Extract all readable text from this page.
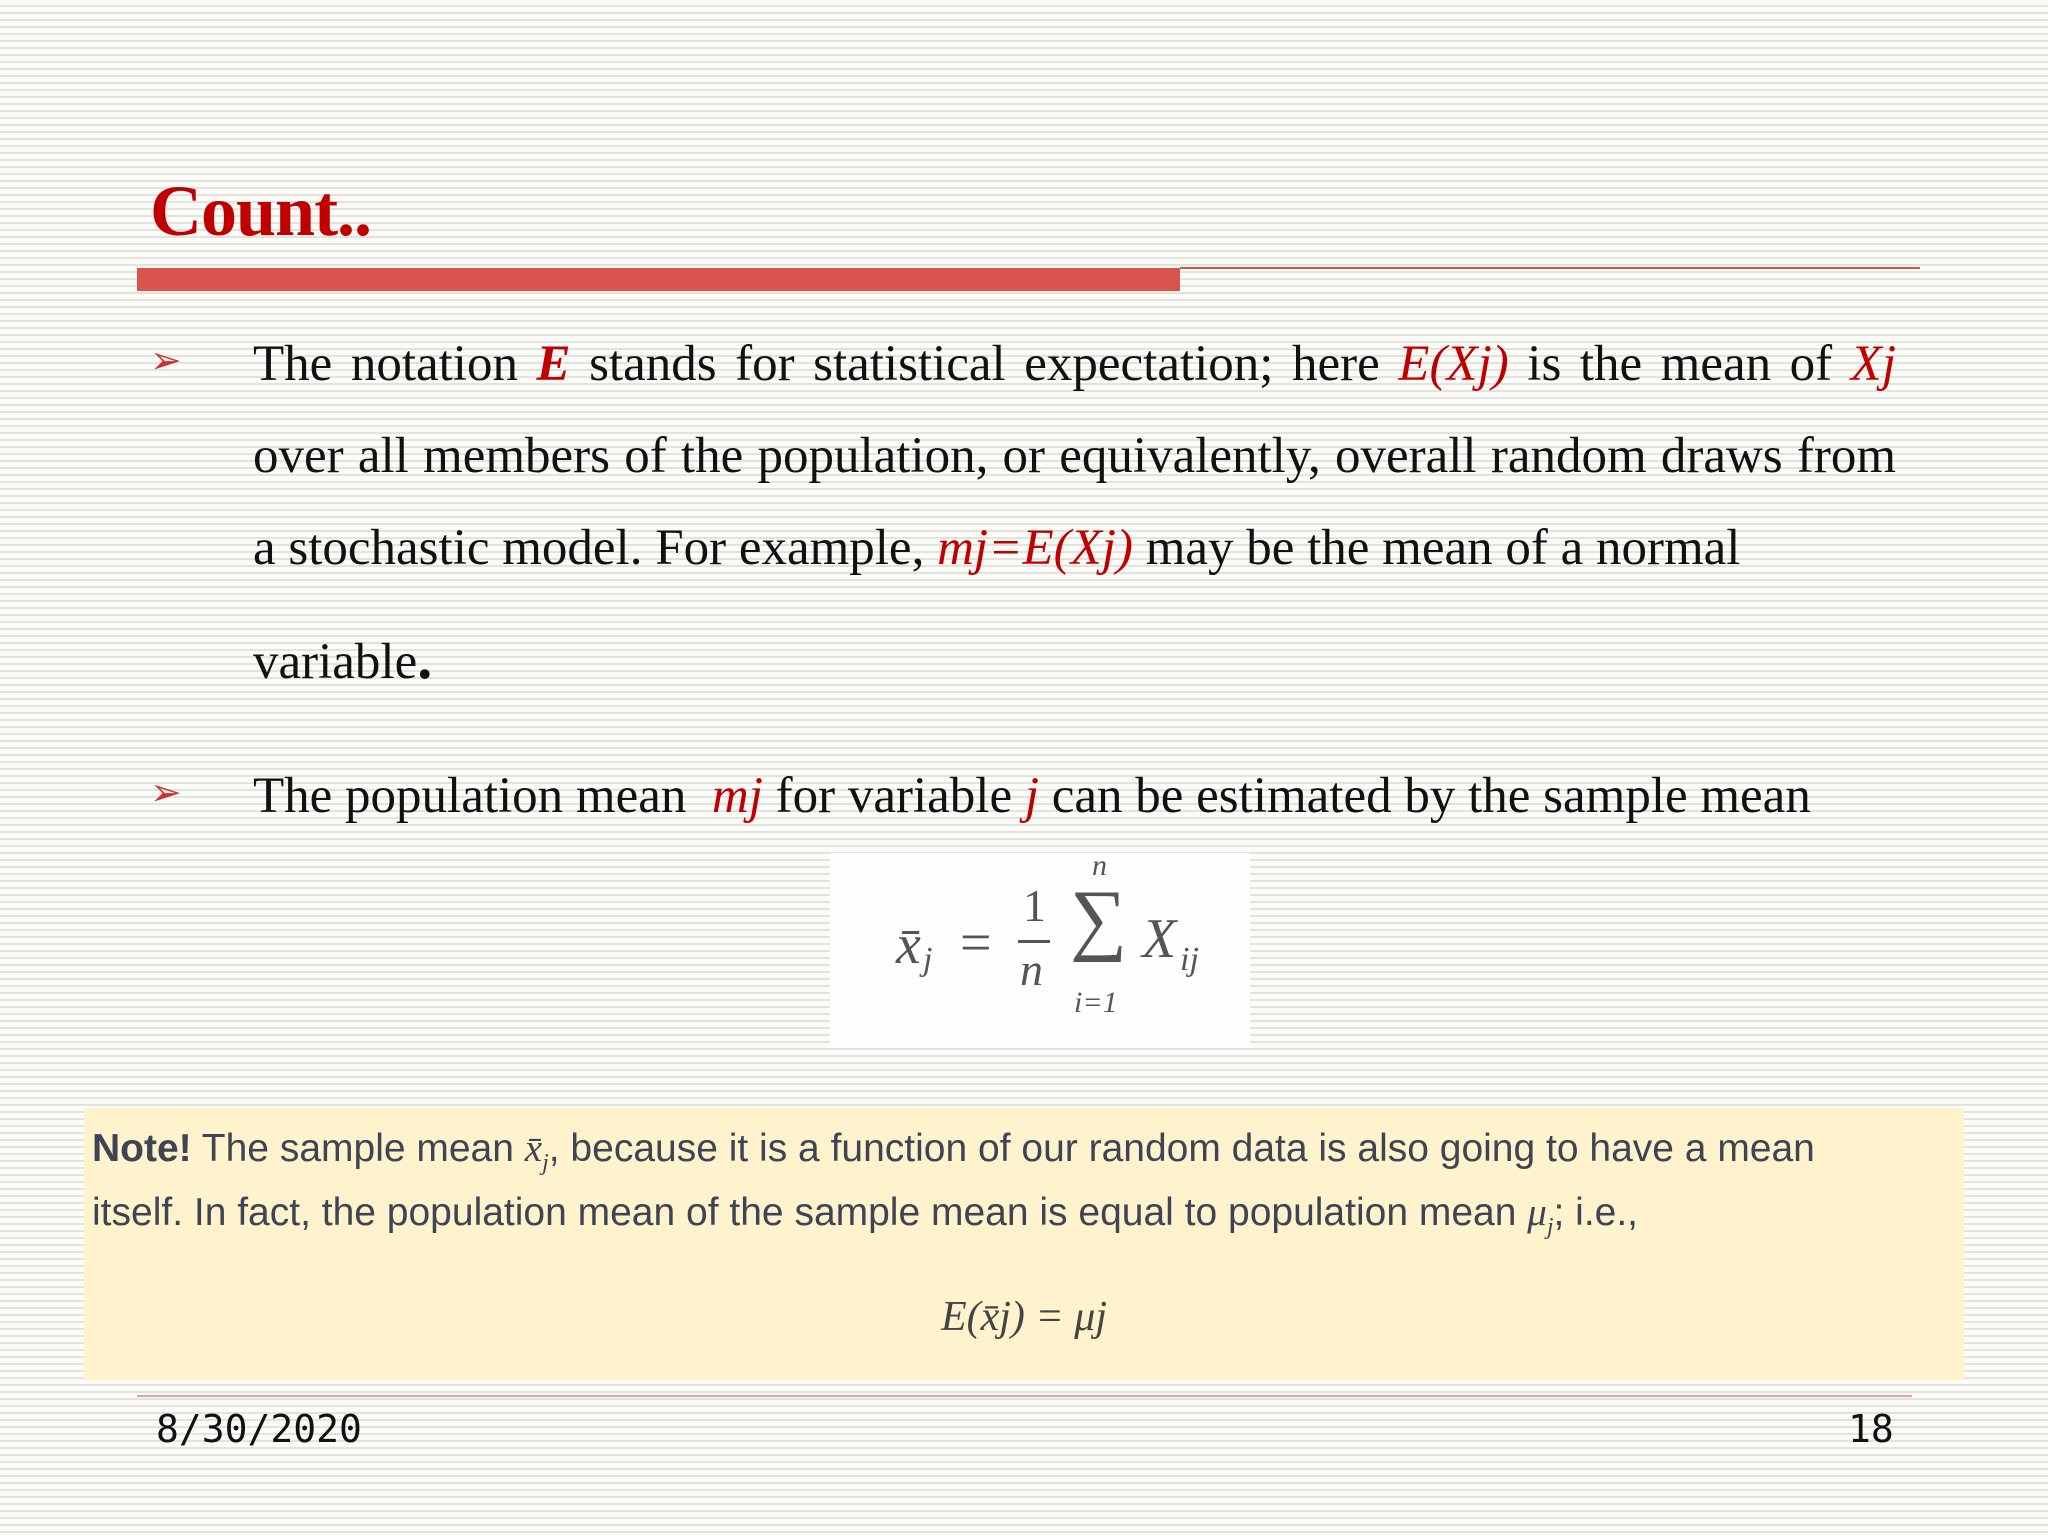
Count..
➢ The notation E stands for statistical expectation; here E(Xj) is the mean of Xj over all members of the population, or equivalently, overall random draws from a stochastic model. For example, mj=E(Xj) may be the mean of a normal
variable.
➢ The population mean  mj for variable j can be estimated by the sample mean
x̄ j =
1
n
n
∑
i=1
X ij
Note! The sample mean $x̄_j$, because it is a function of our random data is also going to have a mean
itself. In fact, the population mean of the sample mean is equal to population mean $\mu_j$; i.e.,
E(x̄j) = μj
8/30/2020	18
